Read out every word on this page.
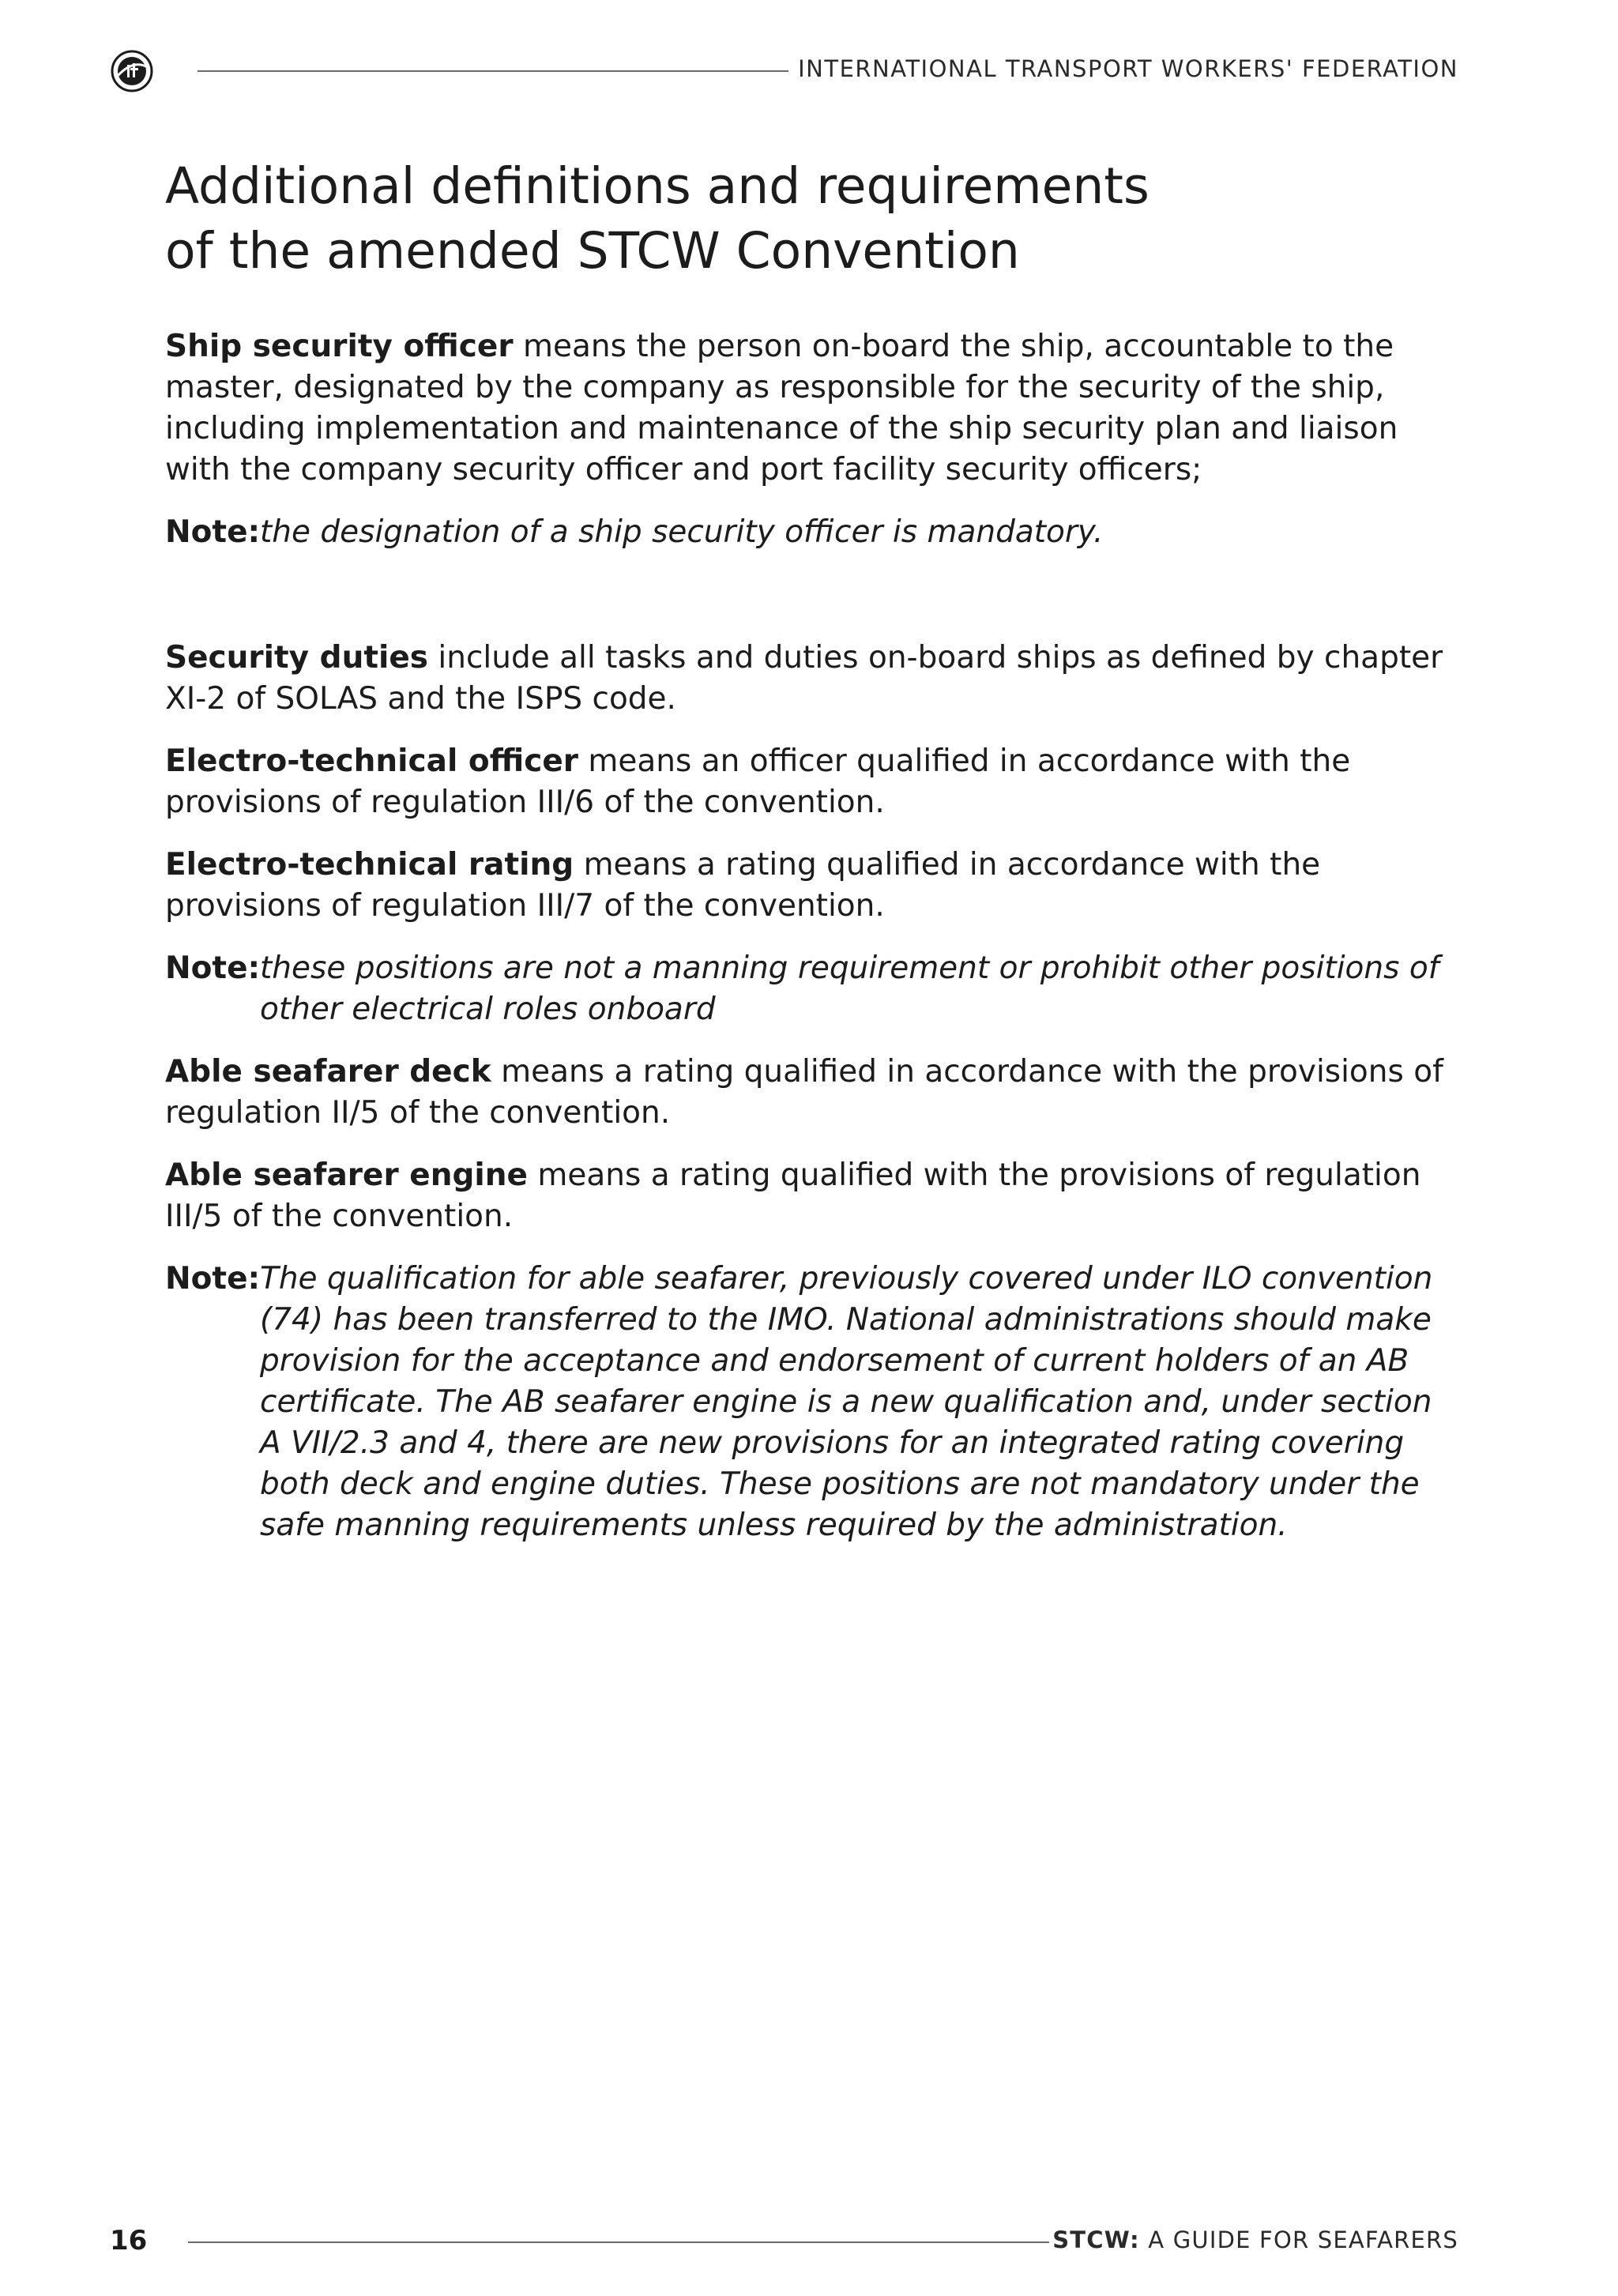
INTERNATIONAL TRANSPORT WORKERS' FEDERATION
Additional definitions and requirements
of the amended STCW Convention

Ship security officer means the person on-board the ship, accountable to the master, designated by the company as responsible for the security of the ship, including implementation and maintenance of the ship security plan and liaison with the company security officer and port facility security officers;

Note: the designation of a ship security officer is mandatory.

Security duties include all tasks and duties on-board ships as defined by chapter XI-2 of SOLAS and the ISPS code.

Electro-technical officer means an officer qualified in accordance with the provisions of regulation III/6 of the convention.

Electro-technical rating means a rating qualified in accordance with the provisions of regulation III/7 of the convention.

Note: these positions are not a manning requirement or prohibit other positions of other electrical roles onboard

Able seafarer deck means a rating qualified in accordance with the provisions of regulation II/5 of the convention.

Able seafarer engine means a rating qualified with the provisions of regulation III/5 of the convention.

Note: The qualification for able seafarer, previously covered under ILO convention (74) has been transferred to the IMO. National administrations should make provision for the acceptance and endorsement of current holders of an AB certificate. The AB seafarer engine is a new qualification and, under section A VII/2.3 and 4, there are new provisions for an integrated rating covering both deck and engine duties. These positions are not mandatory under the safe manning requirements unless required by the administration.
16	STCW: A GUIDE FOR SEAFARERS
